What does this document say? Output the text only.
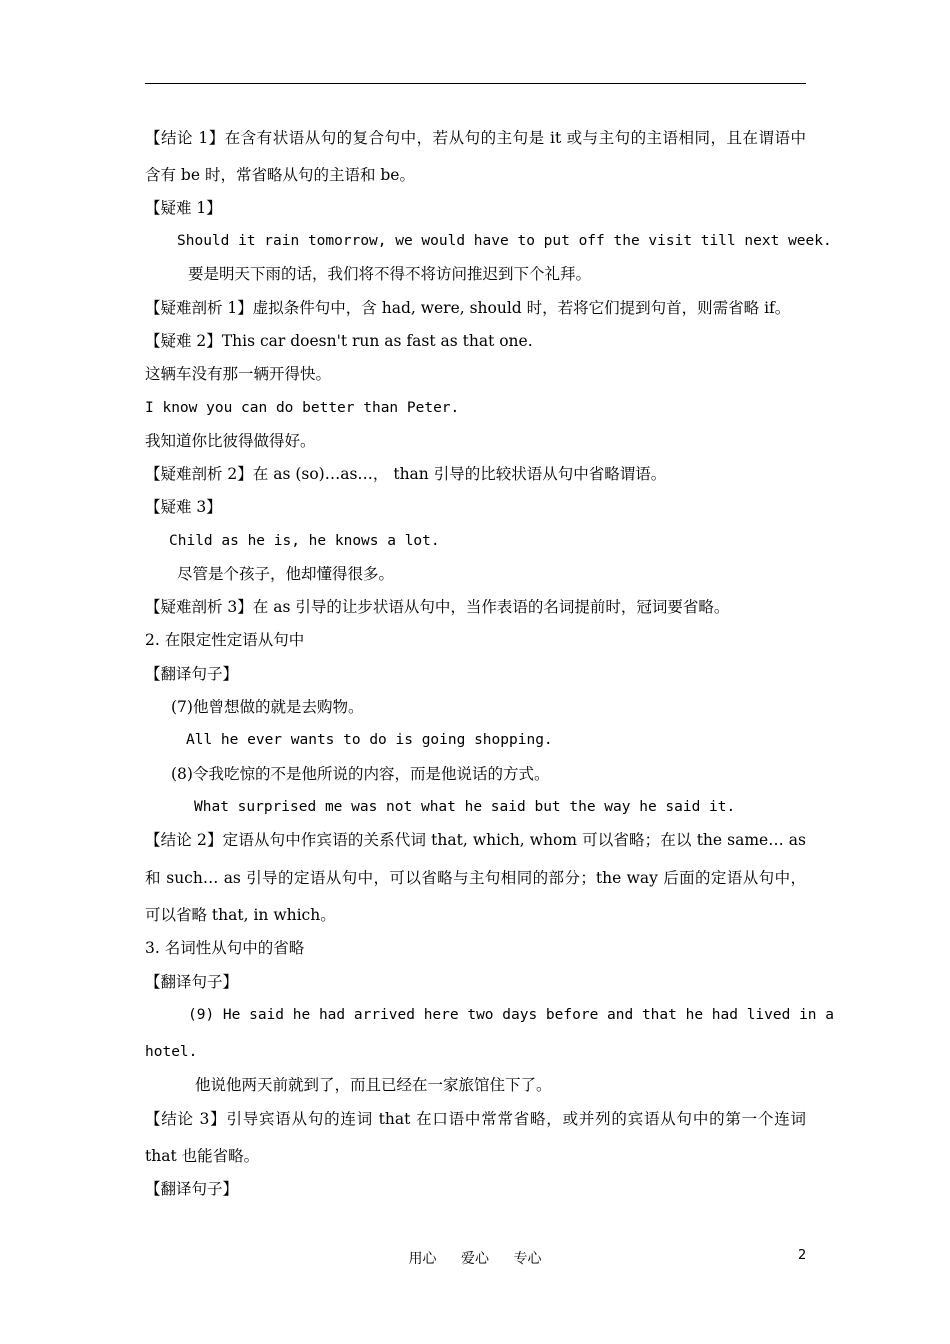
【结论 1】在含有状语从句的复合句中，若从句的主句是 it 或与主句的主语相同，且在谓语中
含有 be 时，常省略从句的主语和 be。
【疑难 1】
Should it rain tomorrow, we would have to put off the visit till next week.
要是明天下雨的话，我们将不得不将访问推迟到下个礼拜。
【疑难剖析 1】虚拟条件句中，含 had, were, should 时，若将它们提到句首，则需省略 if。
【疑难 2】This car doesn't run as fast as that one.
这辆车没有那一辆开得快。
I know you can do better than Peter.
我知道你比彼得做得好。
【疑难剖析 2】在 as (so)…as…， than 引导的比较状语从句中省略谓语。
【疑难 3】
Child as he is, he knows a lot.
尽管是个孩子，他却懂得很多。
【疑难剖析 3】在 as 引导的让步状语从句中，当作表语的名词提前时，冠词要省略。
2. 在限定性定语从句中
【翻译句子】
(7)他曾想做的就是去购物。
All he ever wants to do is going shopping.
(8)令我吃惊的不是他所说的内容，而是他说话的方式。
What surprised me was not what he said but the way he said it.
【结论 2】定语从句中作宾语的关系代词 that, which, whom 可以省略；在以 the same… as
和 such… as 引导的定语从句中，可以省略与主句相同的部分；the way 后面的定语从句中，
可以省略 that, in which。
3. 名词性从句中的省略
【翻译句子】
(9) He said he had arrived here two days before and that he had lived in a
hotel.
他说他两天前就到了，而且已经在一家旅馆住下了。
【结论 3】引导宾语从句的连词 that 在口语中常常省略，或并列的宾语从句中的第一个连词
that 也能省略。
【翻译句子】
用心 爱心 专心	2
